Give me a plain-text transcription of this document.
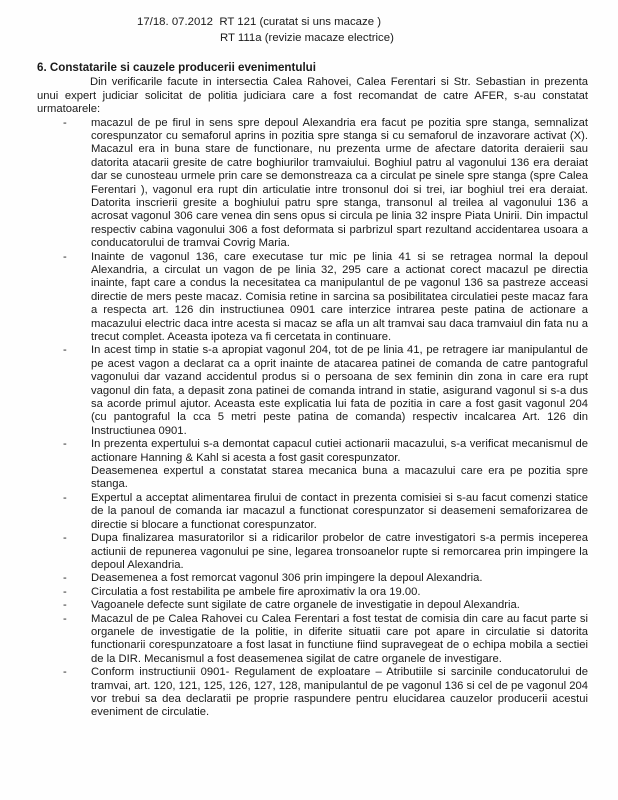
17/18. 07.2012  RT 121 (curatat si uns macaze )
RT 111a (revizie macaze electrice)
6. Constatarile si cauzele producerii evenimentului
Din verificarile facute in intersectia Calea Rahovei, Calea Ferentari si Str. Sebastian in prezenta unui expert judiciar solicitat de politia judiciara care a fost recomandat de catre AFER, s-au constatat urmatoarele:
- macazul de pe firul in sens spre depoul Alexandria era facut pe pozitia spre stanga, semnalizat corespunzator cu semaforul aprins in pozitia spre stanga si cu semaforul de inzavorare activat (X). Macazul era in buna stare de functionare, nu prezenta urme de afectare datorita deraierii sau datorita atacarii gresite de catre boghiurilor tramvaiului. Boghiul patru al vagonului 136 era deraiat dar se cunosteau urmele prin care se demonstreaza ca a circulat pe sinele spre stanga (spre Calea Ferentari ), vagonul era rupt din articulatie intre tronsonul doi si trei, iar boghiul trei era deraiat. Datorita inscrierii gresite a boghiului patru spre stanga, transonul al treilea al vagonului 136 a acrosat vagonul 306 care venea din sens opus si circula pe linia 32 inspre Piata Unirii. Din impactul respectiv cabina vagonului 306 a fost deformata si parbrizul spart rezultand accidentarea usoara a conducatorului de tramvai Covrig Maria.
- Inainte de vagonul 136, care executase tur mic pe linia 41 si se retragea normal la depoul Alexandria, a circulat un vagon de pe linia 32, 295 care a actionat corect macazul pe directia inainte, fapt care a condus la necesitatea ca manipulantul de pe vagonul 136 sa pastreze acceasi directie de mers peste macaz. Comisia retine in sarcina sa posibilitatea circulatiei peste macaz fara a respecta art. 126 din instructiunea 0901 care interzice intrarea peste patina de actionare a macazului electric daca intre acesta si macaz se afla un alt tramvai sau daca tramvaiul din fata nu a trecut complet. Aceasta ipoteza va fi cercetata in continuare.
- In acest timp in statie s-a apropiat vagonul 204, tot de pe linia 41, pe retragere iar manipulantul de pe acest vagon a declarat ca a oprit inainte de atacarea patinei de comanda de catre pantograful vagonului dar vazand accidentul produs si o persoana de sex feminin din zona in care era rupt vagonul din fata, a depasit zona patinei de comanda intrand in statie, asigurand vagonul si s-a dus sa acorde primul ajutor. Aceasta este explicatia lui fata de pozitia in care a fost gasit vagonul 204 (cu pantograful la cca 5 metri peste patina de comanda) respectiv incalcarea Art. 126 din Instructiunea 0901.
- In prezenta expertului s-a demontat capacul cutiei actionarii macazului, s-a verificat mecanismul de actionare Hanning & Kahl si acesta a fost gasit corespunzator.
Deasemenea expertul a constatat starea mecanica buna a macazului care era pe pozitia spre stanga.
- Expertul a acceptat alimentarea firului de contact in prezenta comisiei si s-au facut comenzi statice de la panoul de comanda iar macazul a functionat corespunzator si deasemeni semaforizarea de directie si blocare a functionat corespunzator.
- Dupa finalizarea masuratorilor si a ridicarilor probelor de catre investigatori s-a permis inceperea actiunii de repunerea vagonului pe sine, legarea tronsoanelor rupte si remorcarea prin impingere la depoul Alexandria.
- Deasemenea a fost remorcat vagonul 306 prin impingere la depoul Alexandria.
- Circulatia a fost restabilita pe ambele fire aproximativ la ora 19.00.
- Vagoanele defecte sunt sigilate de catre organele de investigatie in depoul Alexandria.
- Macazul de pe Calea Rahovei cu Calea Ferentari a fost testat de comisia din care au facut parte si organele de investigatie de la politie, in diferite situatii care pot apare in circulatie si datorita functionarii corespunzatoare a fost lasat in functiune fiind supravegeat de o echipa mobila a sectiei de la DIR. Mecanismul a fost deasemenea sigilat de catre organele de investigare.
- Conform instructiunii 0901- Regulament de exploatare – Atributiile si sarcinile conducatorului de tramvai, art. 120, 121, 125, 126, 127, 128, manipulantul de pe vagonul 136 si cel de pe vagonul 204 vor trebui sa dea declaratii pe proprie raspundere pentru elucidarea cauzelor producerii acestui eveniment de circulatie.
